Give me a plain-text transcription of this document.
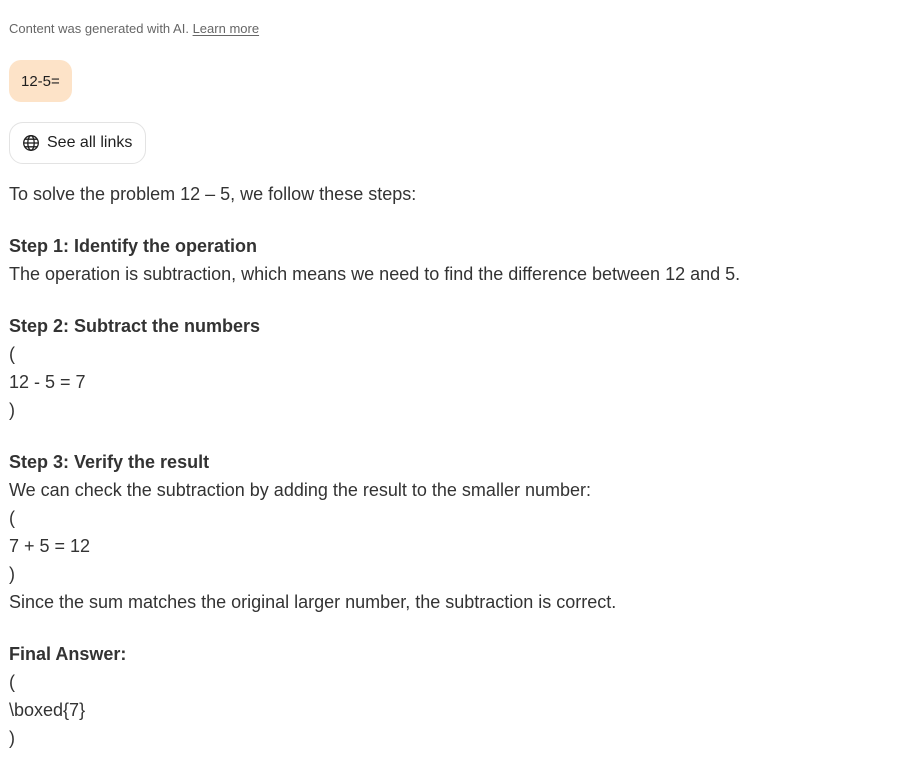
Content was generated with AI. Learn more
12-5=
See all links

To solve the problem 12 – 5, we follow these steps:

Step 1: Identify the operation

The operation is subtraction, which means we need to find the difference between 12 and 5.

Step 2: Subtract the numbers

(

12 - 5 = 7

)

Step 3: Verify the result

We can check the subtraction by adding the result to the smaller number:

(

7 + 5 = 12

)

Since the sum matches the original larger number, the subtraction is correct.

Final Answer:

(

\boxed{7}

)
